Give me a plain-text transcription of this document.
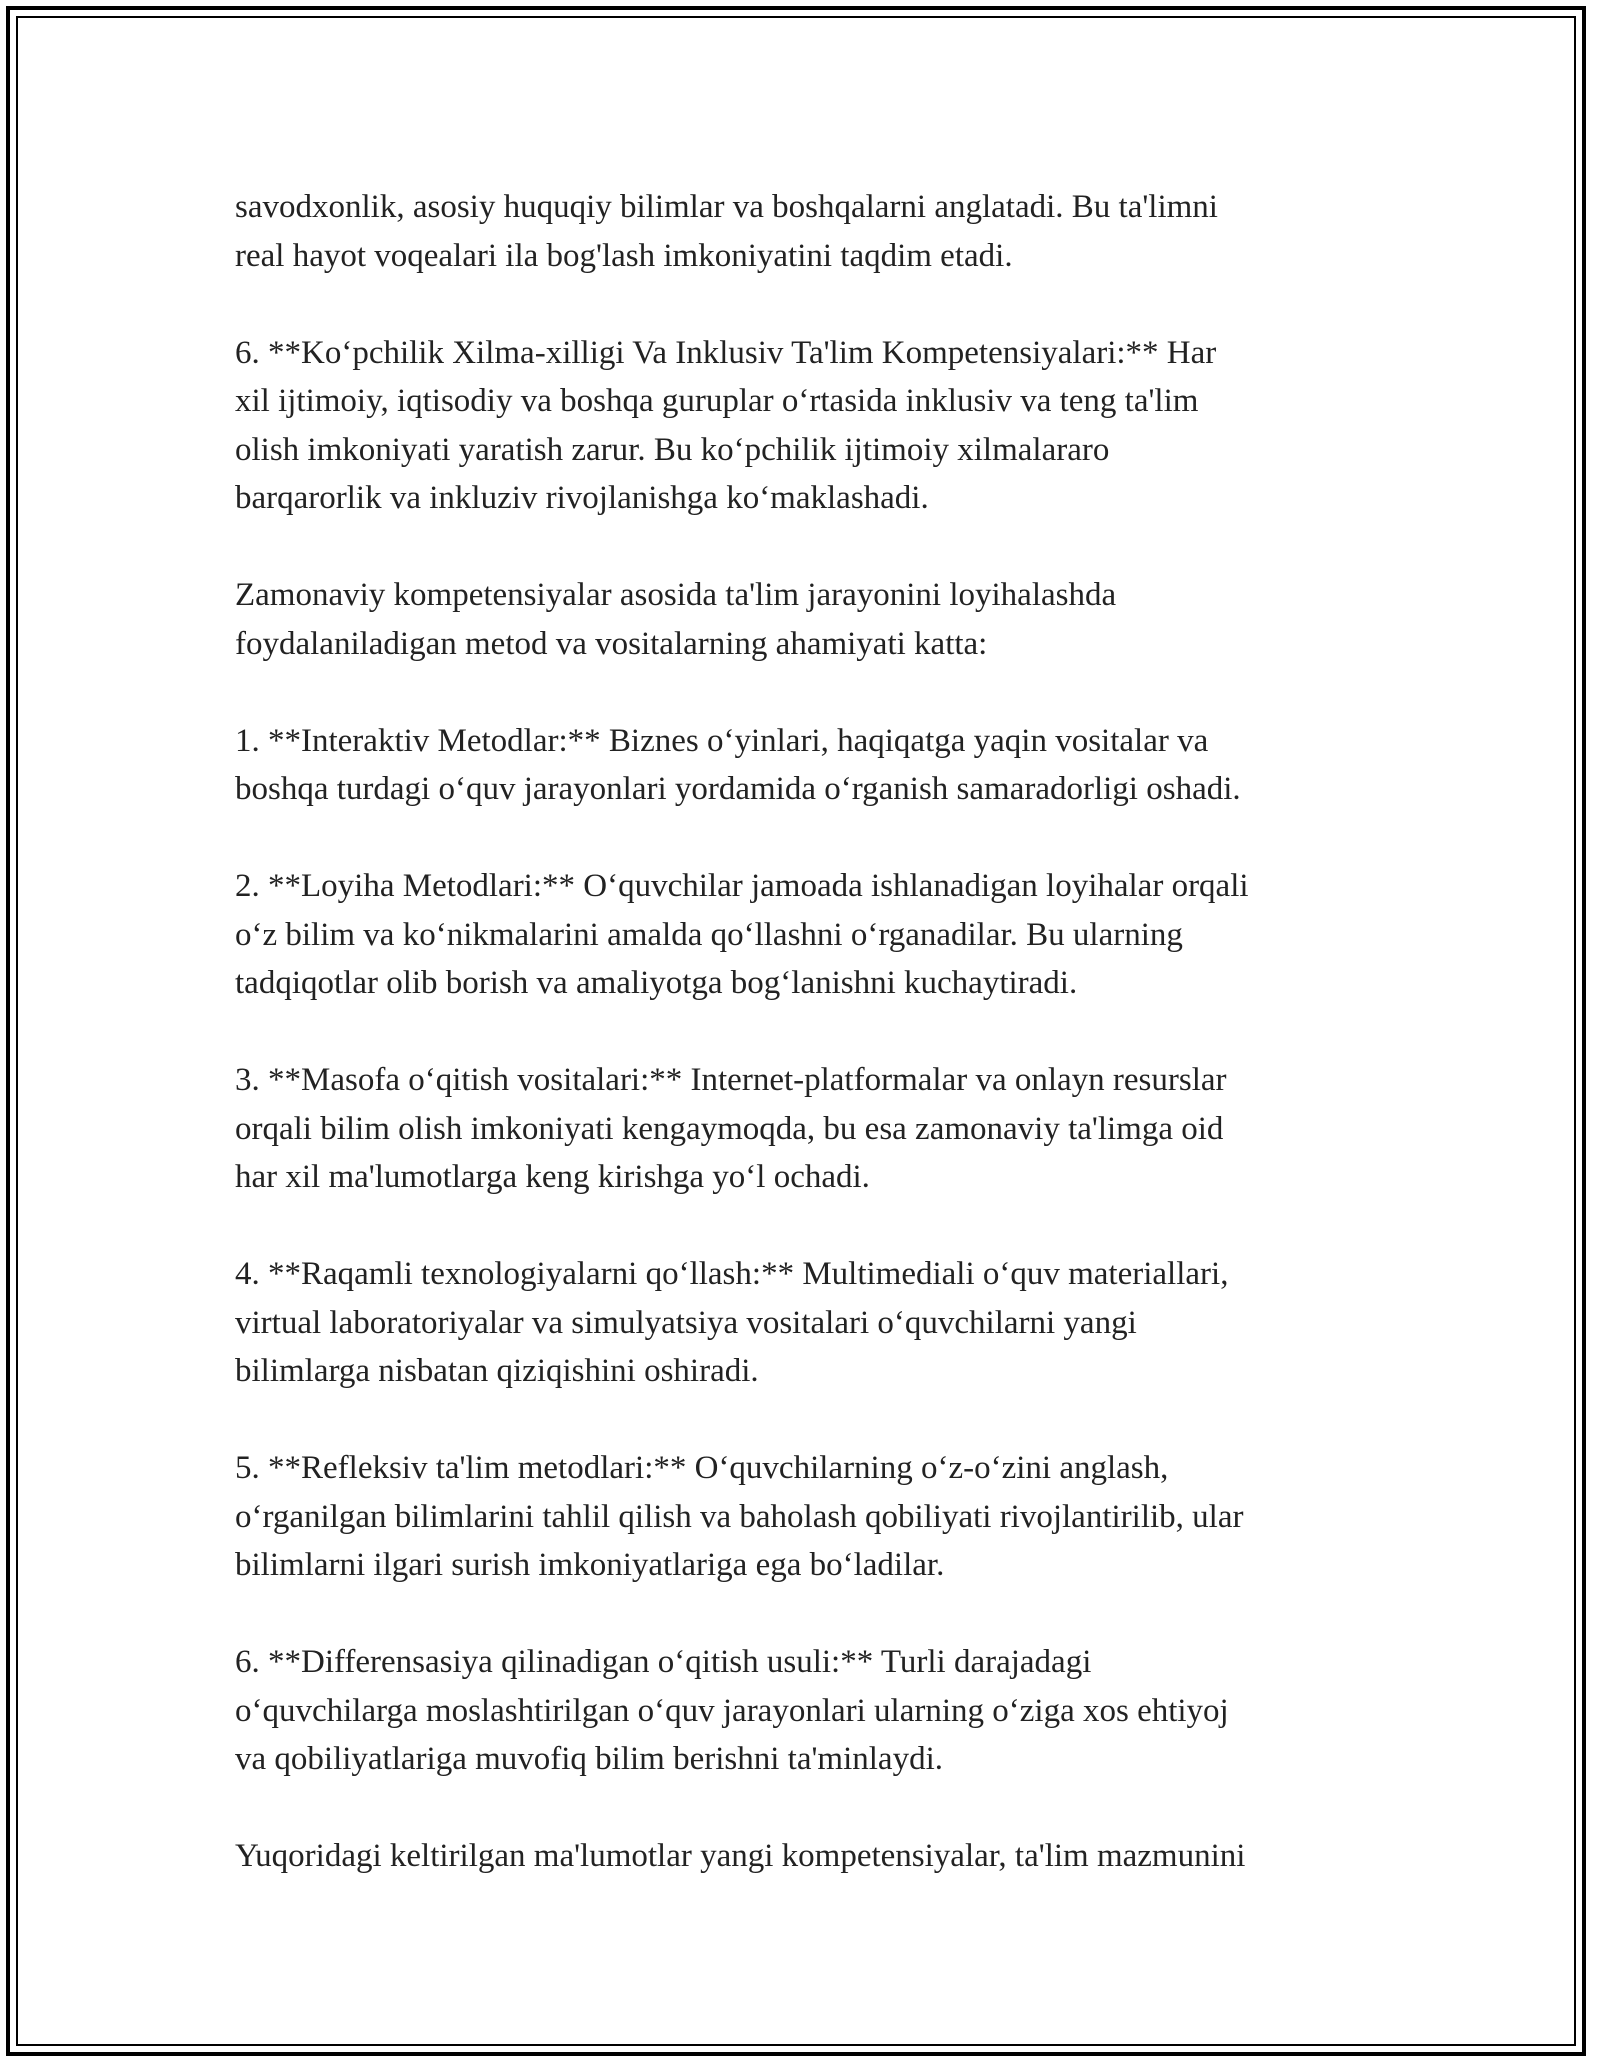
savodxonlik, asosiy huquqiy bilimlar va boshqalarni anglatadi. Bu ta'limni
real hayot voqealari ila bog'lash imkoniyatini taqdim etadi.

6. **Koʻpchilik Xilma-xilligi Va Inklusiv Ta'lim Kompetensiyalari:** Har
xil ijtimoiy, iqtisodiy va boshqa guruplar oʻrtasida inklusiv va teng ta'lim
olish imkoniyati yaratish zarur. Bu koʻpchilik ijtimoiy xilmalararo
barqarorlik va inkluziv rivojlanishga koʻmaklashadi.

Zamonaviy kompetensiyalar asosida ta'lim jarayonini loyihalashda
foydalaniladigan metod va vositalarning ahamiyati katta:

1. **Interaktiv Metodlar:** Biznes oʻyinlari, haqiqatga yaqin vositalar va
boshqa turdagi oʻquv jarayonlari yordamida oʻrganish samaradorligi oshadi.

2. **Loyiha Metodlari:** Oʻquvchilar jamoada ishlanadigan loyihalar orqali
oʻz bilim va koʻnikmalarini amalda qoʻllashni oʻrganadilar. Bu ularning
tadqiqotlar olib borish va amaliyotga bogʻlanishni kuchaytiradi.

3. **Masofa oʻqitish vositalari:** Internet-platformalar va onlayn resurslar
orqali bilim olish imkoniyati kengaymoqda, bu esa zamonaviy ta'limga oid
har xil ma'lumotlarga keng kirishga yoʻl ochadi.

4. **Raqamli texnologiyalarni qoʻllash:** Multimediali oʻquv materiallari,
virtual laboratoriyalar va simulyatsiya vositalari oʻquvchilarni yangi
bilimlarga nisbatan qiziqishini oshiradi.

5. **Refleksiv ta'lim metodlari:** Oʻquvchilarning oʻz-oʻzini anglash,
oʻrganilgan bilimlarini tahlil qilish va baholash qobiliyati rivojlantirilib, ular
bilimlarni ilgari surish imkoniyatlariga ega boʻladilar.

6. **Differensasiya qilinadigan oʻqitish usuli:** Turli darajadagi
oʻquvchilarga moslashtirilgan oʻquv jarayonlari ularning oʻziga xos ehtiyoj
va qobiliyatlariga muvofiq bilim berishni ta'minlaydi.

Yuqoridagi keltirilgan ma'lumotlar yangi kompetensiyalar, ta'lim mazmunini
